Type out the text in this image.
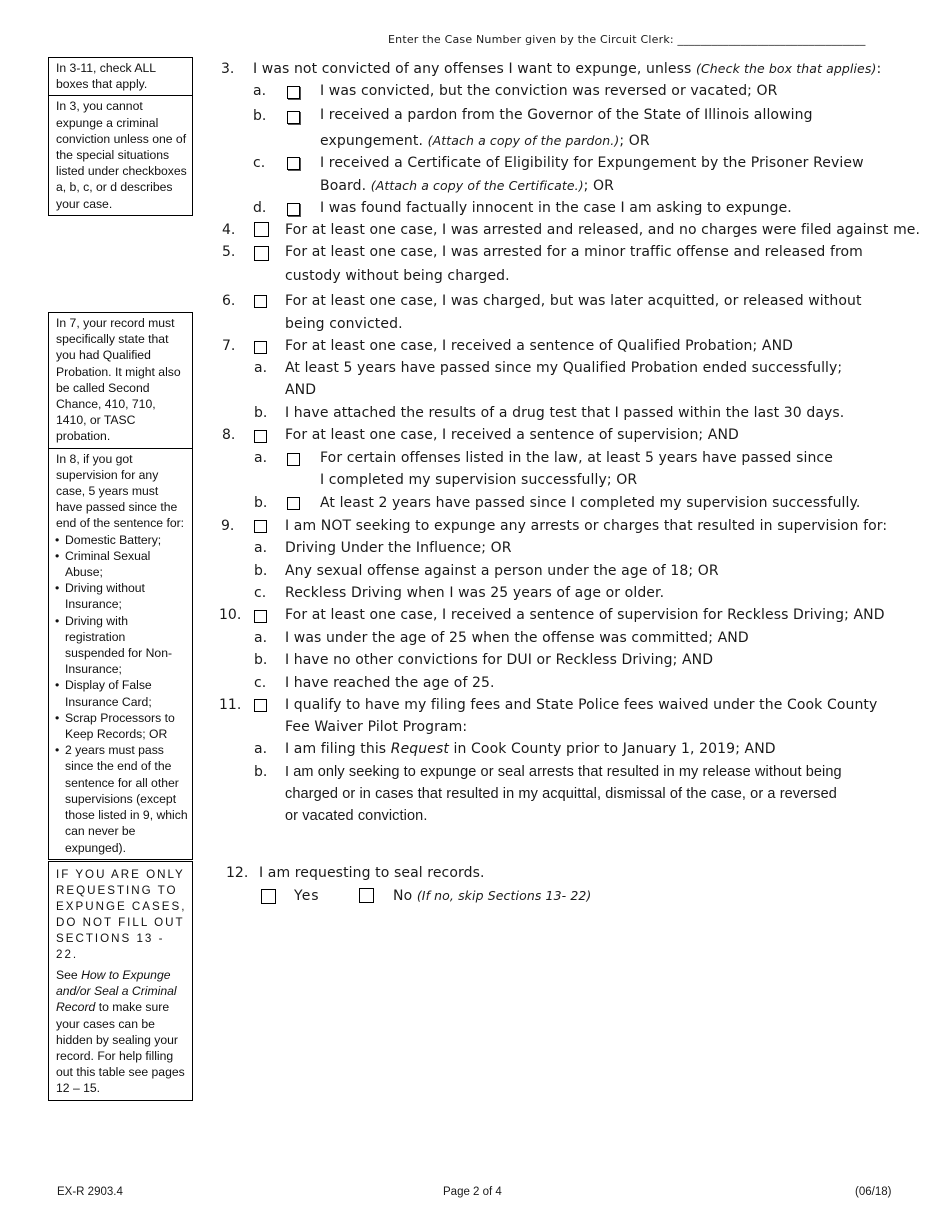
Enter the Case Number given by the Circuit Clerk: _________________________________
In 3-11, check ALL boxes that apply.
In 3, you cannot expunge a criminal conviction unless one of the special situations listed under checkboxes a, b, c, or d describes your case.
In 7, your record must specifically state that you had Qualified Probation. It might also be called Second Chance, 410, 710, 1410, or TASC probation.
In 8, if you got supervision for any case, 5 years must have passed since the end of the sentence for:
• Domestic Battery;
• Criminal Sexual Abuse;
• Driving without Insurance;
• Driving with registration suspended for Non-Insurance;
• Display of False Insurance Card;
• Scrap Processors to Keep Records; OR
• 2 years must pass since the end of the sentence for all other supervisions (except those listed in 9, which can never be expunged).
IF YOU ARE ONLY REQUESTING TO EXPUNGE CASES, DO NOT FILL OUT SECTIONS 13 - 22.
See How to Expunge and/or Seal a Criminal Record to make sure your cases can be hidden by sealing your record. For help filling out this table see pages 12 – 15.
3. I was not convicted of any offenses I want to expunge, unless (Check the box that applies):
a.	I was convicted, but the conviction was reversed or vacated; OR
b.	I received a pardon from the Governor of the State of Illinois allowing
expungement. (Attach a copy of the pardon.); OR
c.	I received a Certificate of Eligibility for Expungement by the Prisoner Review
Board. (Attach a copy of the Certificate.); OR
d.	I was found factually innocent in the case I am asking to expunge.
4.	For at least one case, I was arrested and released, and no charges were filed against me.
5.	For at least one case, I was arrested for a minor traffic offense and released from
custody without being charged.
6.	For at least one case, I was charged, but was later acquitted, or released without
being convicted.
7.	For at least one case, I received a sentence of Qualified Probation; AND
a. At least 5 years have passed since my Qualified Probation ended successfully;
AND
b. I have attached the results of a drug test that I passed within the last 30 days.
8.	For at least one case, I received a sentence of supervision; AND
a.	For certain offenses listed in the law, at least 5 years have passed since
I completed my supervision successfully; OR
b.	At least 2 years have passed since I completed my supervision successfully.
9.	I am NOT seeking to expunge any arrests or charges that resulted in supervision for:
a. Driving Under the Influence; OR
b. Any sexual offense against a person under the age of 18; OR
c. Reckless Driving when I was 25 years of age or older.
10.	For at least one case, I received a sentence of supervision for Reckless Driving; AND
a. I was under the age of 25 when the offense was committed; AND
b. I have no other convictions for DUI or Reckless Driving; AND
c. I have reached the age of 25.
11.	I qualify to have my filing fees and State Police fees waived under the Cook County
Fee Waiver Pilot Program:
a. I am filing this Request in Cook County prior to January 1, 2019; AND
b. I am only seeking to expunge or seal arrests that resulted in my release without being
charged or in cases that resulted in my acquittal, dismissal of the case, or a reversed
or vacated conviction.
12. I am requesting to seal records.
Yes	No (If no, skip Sections 13- 22)
EX-R 2903.4	Page 2 of 4	(06/18)
